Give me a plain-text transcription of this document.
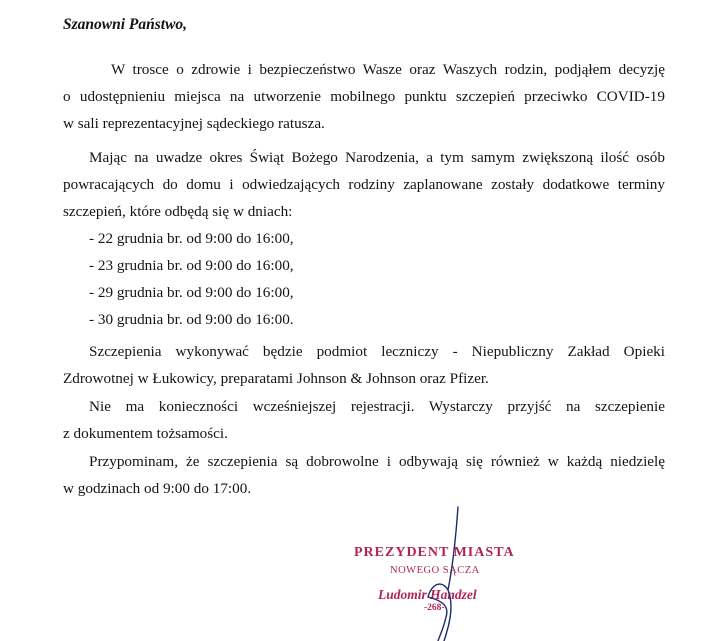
Szanowni Państwo,
W trosce o zdrowie i bezpieczeństwo Wasze oraz Waszych rodzin, podjąłem decyzję
o udostępnieniu miejsca na utworzenie mobilnego punktu szczepień przeciwko COVID-19
w sali reprezentacyjnej sądeckiego ratusza.
Mając na uwadze okres Świąt Bożego Narodzenia, a tym samym zwiększoną ilość osób
powracających do domu i odwiedzających rodziny zaplanowane zostały dodatkowe terminy
szczepień, które odbędą się w dniach:
- 22 grudnia br. od 9:00 do 16:00,
- 23 grudnia br. od 9:00 do 16:00,
- 29 grudnia br. od 9:00 do 16:00,
- 30 grudnia br. od 9:00 do 16:00.
Szczepienia wykonywać będzie podmiot leczniczy - Niepubliczny Zakład Opieki
Zdrowotnej w Łukowicy, preparatami Johnson & Johnson oraz Pfizer.
Nie ma konieczności wcześniejszej rejestracji. Wystarczy przyjść na szczepienie
z dokumentem tożsamości.
Przypominam, że szczepienia są dobrowolne i odbywają się również w każdą niedzielę
w godzinach od 9:00 do 17:00.
PREZYDENT MIASTA
NOWEGO SĄCZA
Ludomir Handzel
-268-
